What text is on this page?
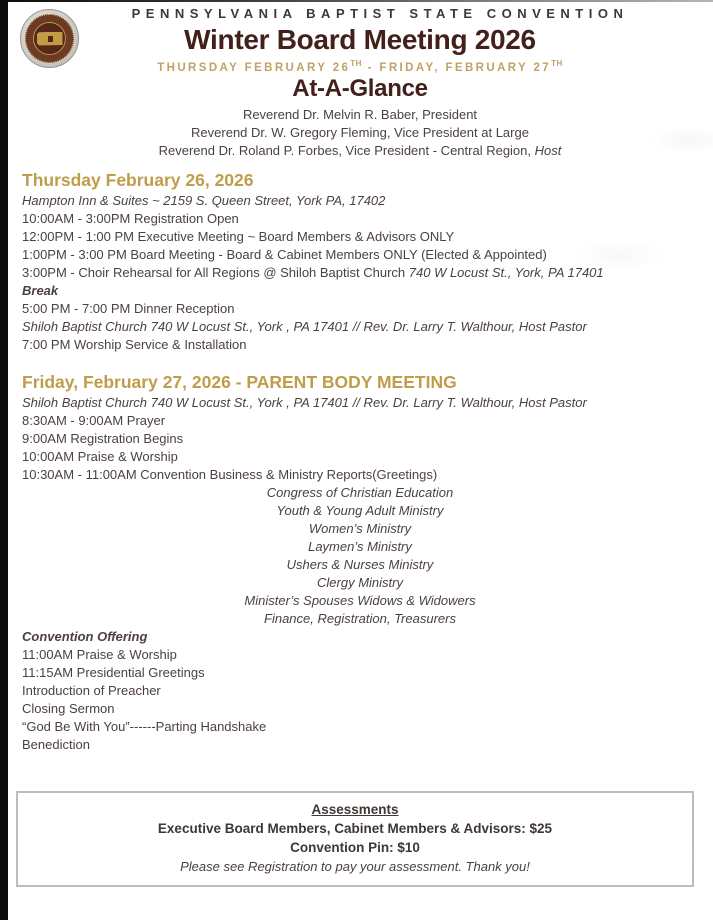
PENNSYLVANIA BAPTIST STATE CONVENTION
Winter Board Meeting 2026
THURSDAY FEBRUARY 26TH - FRIDAY, FEBRUARY 27TH
At-A-Glance
Reverend Dr. Melvin R. Baber, President
Reverend Dr. W. Gregory Fleming, Vice President at Large
Reverend Dr. Roland P. Forbes, Vice President - Central Region, Host
Thursday February 26, 2026
Hampton Inn & Suites ~ 2159 S. Queen Street, York PA, 17402
10:00AM - 3:00PM Registration Open
12:00PM - 1:00 PM Executive Meeting ~ Board Members & Advisors ONLY
1:00PM - 3:00 PM Board Meeting - Board & Cabinet Members ONLY (Elected & Appointed)
3:00PM - Choir Rehearsal for All Regions @ Shiloh Baptist Church 740 W Locust St., York, PA 17401
Break
5:00 PM - 7:00 PM Dinner Reception
Shiloh Baptist Church 740 W Locust St., York , PA 17401 // Rev. Dr. Larry T. Walthour, Host Pastor
7:00 PM Worship Service & Installation
Friday, February 27, 2026 - PARENT BODY MEETING
Shiloh Baptist Church 740 W Locust St., York , PA 17401 // Rev. Dr. Larry T. Walthour, Host Pastor
8:30AM - 9:00AM Prayer
9:00AM Registration Begins
10:00AM Praise & Worship
10:30AM - 11:00AM Convention Business & Ministry Reports(Greetings)
Congress of Christian Education
Youth & Young Adult Ministry
Women’s Ministry
Laymen’s Ministry
Ushers & Nurses Ministry
Clergy Ministry
Minister’s Spouses Widows & Widowers
Finance, Registration, Treasurers
Convention Offering
11:00AM Praise & Worship
11:15AM Presidential Greetings
Introduction of Preacher
Closing Sermon
“God Be With You”------Parting Handshake
Benediction
Assessments
Executive Board Members, Cabinet Members & Advisors: $25
Convention Pin: $10
Please see Registration to pay your assessment. Thank you!
